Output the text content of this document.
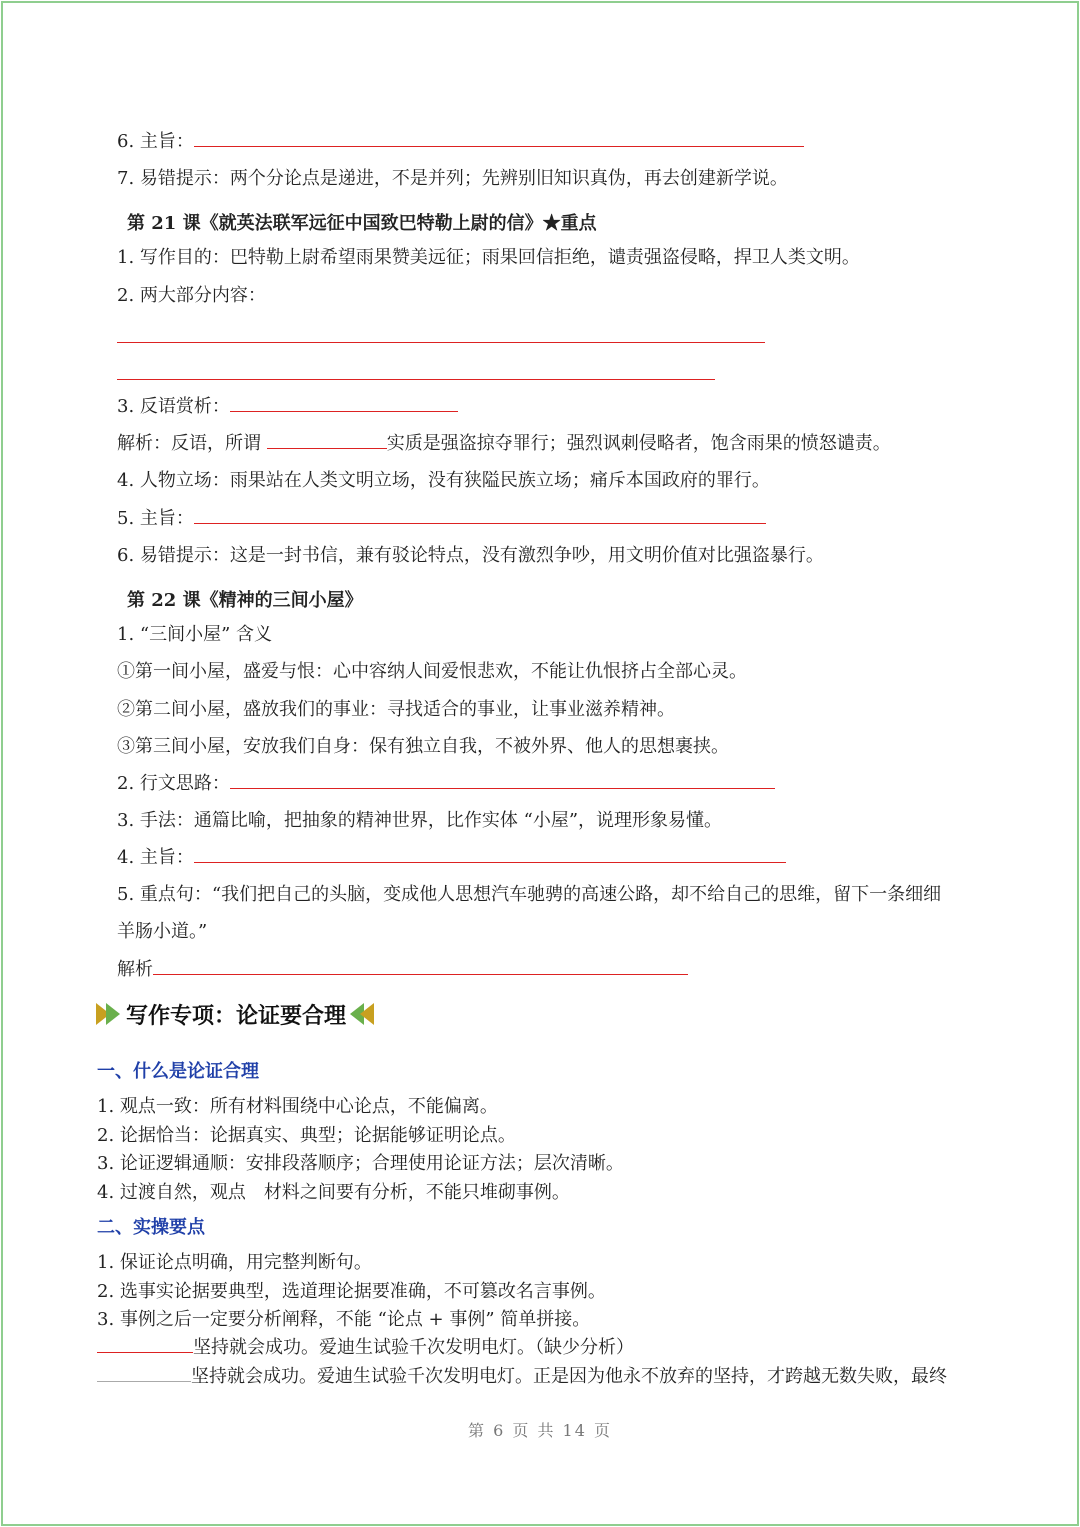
6. 主旨：
7. 易错提示：两个分论点是递进，不是并列；先辨别旧知识真伪，再去创建新学说。
第 21 课《就英法联军远征中国致巴特勒上尉的信》★重点
1. 写作目的：巴特勒上尉希望雨果赞美远征；雨果回信拒绝，谴责强盗侵略，捍卫人类文明。
2. 两大部分内容：
3. 反语赏析：
解析：反语，所谓	实质是强盗掠夺罪行；强烈讽刺侵略者，饱含雨果的愤怒谴责。
4. 人物立场：雨果站在人类文明立场，没有狭隘民族立场；痛斥本国政府的罪行。
5. 主旨：
6. 易错提示：这是一封书信，兼有驳论特点，没有激烈争吵，用文明价值对比强盗暴行。
第 22 课《精神的三间小屋》
1. “三间小屋” 含义
①第一间小屋，盛爱与恨：心中容纳人间爱恨悲欢，不能让仇恨挤占全部心灵。
②第二间小屋，盛放我们的事业：寻找适合的事业，让事业滋养精神。
③第三间小屋，安放我们自身：保有独立自我，不被外界、他人的思想裹挟。
2. 行文思路：
3. 手法：通篇比喻，把抽象的精神世界，比作实体 “小屋”，说理形象易懂。
4. 主旨：
5. 重点句：“我们把自己的头脑，变成他人思想汽车驰骋的高速公路，却不给自己的思维，留下一条细细
羊肠小道。”
解析
写作专项：论证要合理
一、什么是论证合理
1. 观点一致：所有材料围绕中心论点，不能偏离。
2. 论据恰当：论据真实、典型；论据能够证明论点。
3. 论证逻辑通顺：安排段落顺序；合理使用论证方法；层次清晰。
4. 过渡自然，观点　材料之间要有分析，不能只堆砌事例。
二、实操要点
1. 保证论点明确，用完整判断句。
2. 选事实论据要典型，选道理论据要准确，不可篡改名言事例。
3. 事例之后一定要分析阐释，不能 “论点 + 事例” 简单拼接。
坚持就会成功。爱迪生试验千次发明电灯。（缺少分析）
坚持就会成功。爱迪生试验千次发明电灯。正是因为他永不放弃的坚持，才跨越无数失败，最终
第 6 页 共 14 页
